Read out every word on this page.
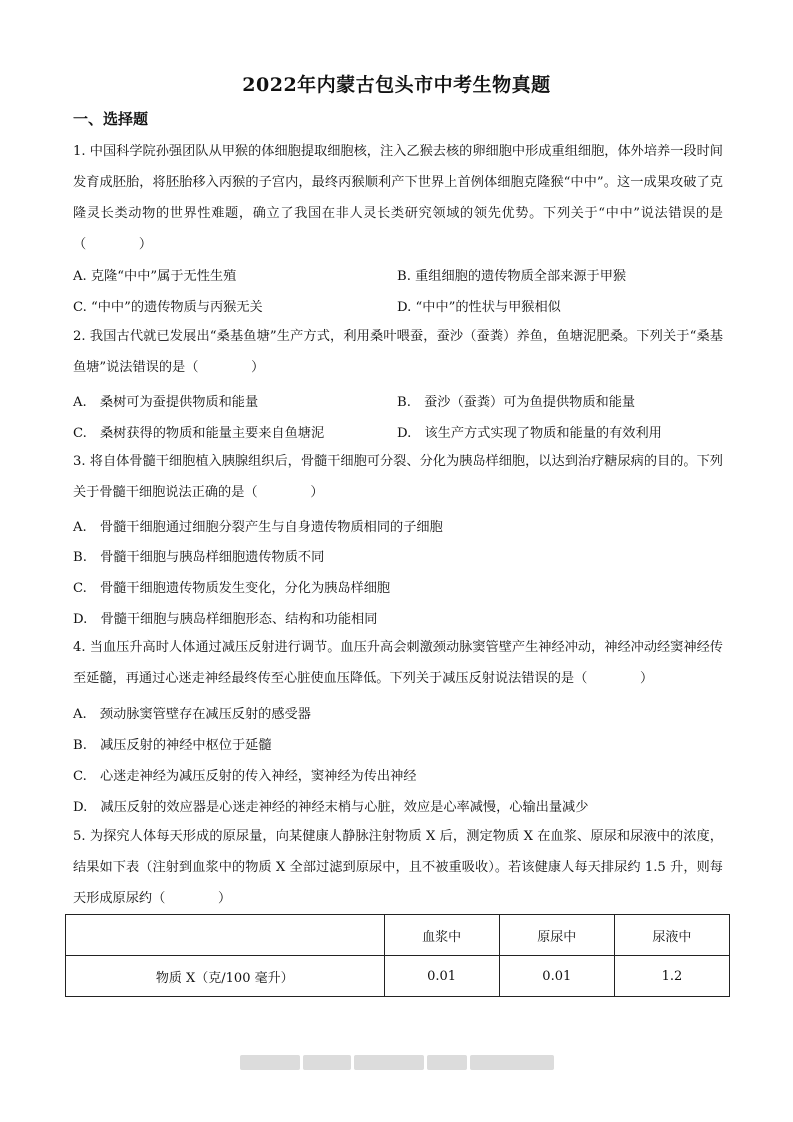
2022年内蒙古包头市中考生物真题
一、选择题
1. 中国科学院孙强团队从甲猴的体细胞提取细胞核，注入乙猴去核的卵细胞中形成重组细胞，体外培养一段时间发育成胚胎，将胚胎移入丙猴的子宫内，最终丙猴顺利产下世界上首例体细胞克隆猴“中中”。这一成果攻破了克隆灵长类动物的世界性难题，确立了我国在非人灵长类研究领域的领先优势。下列关于“中中”说法错误的是（　　　　）
A. 克隆“中中”属于无性生殖	B. 重组细胞的遗传物质全部来源于甲猴
C. “中中”的遗传物质与丙猴无关	D. “中中”的性状与甲猴相似
2. 我国古代就已发展出“桑基鱼塘”生产方式，利用桑叶喂蚕，蚕沙（蚕粪）养鱼，鱼塘泥肥桑。下列关于“桑基鱼塘”说法错误的是（　　　　）
A.　桑树可为蚕提供物质和能量	B.　蚕沙（蚕粪）可为鱼提供物质和能量
C.　桑树获得的物质和能量主要来自鱼塘泥	D.　该生产方式实现了物质和能量的有效利用
3. 将自体骨髓干细胞植入胰腺组织后，骨髓干细胞可分裂、分化为胰岛样细胞，以达到治疗糖尿病的目的。下列关于骨髓干细胞说法正确的是（　　　　）
A.　骨髓干细胞通过细胞分裂产生与自身遗传物质相同的子细胞
B.　骨髓干细胞与胰岛样细胞遗传物质不同
C.　骨髓干细胞遗传物质发生变化，分化为胰岛样细胞
D.　骨髓干细胞与胰岛样细胞形态、结构和功能相同
4. 当血压升高时人体通过减压反射进行调节。血压升高会刺激颈动脉窦管壁产生神经冲动，神经冲动经窦神经传至延髓，再通过心迷走神经最终传至心脏使血压降低。下列关于减压反射说法错误的是（　　　　）
A.　颈动脉窦管壁存在减压反射的感受器
B.　减压反射的神经中枢位于延髓
C.　心迷走神经为减压反射的传入神经，窦神经为传出神经
D.　减压反射的效应器是心迷走神经的神经末梢与心脏，效应是心率减慢，心输出量减少
5. 为探究人体每天形成的原尿量，向某健康人静脉注射物质 X 后，测定物质 X 在血浆、原尿和尿液中的浓度，结果如下表（注射到血浆中的物质 X 全部过滤到原尿中，且不被重吸收）。若该健康人每天排尿约 1.5 升，则每天形成原尿约（　　　　）
	血浆中	原尿中	尿液中
物质 X（克/100 毫升）	0.01	0.01	1.2
